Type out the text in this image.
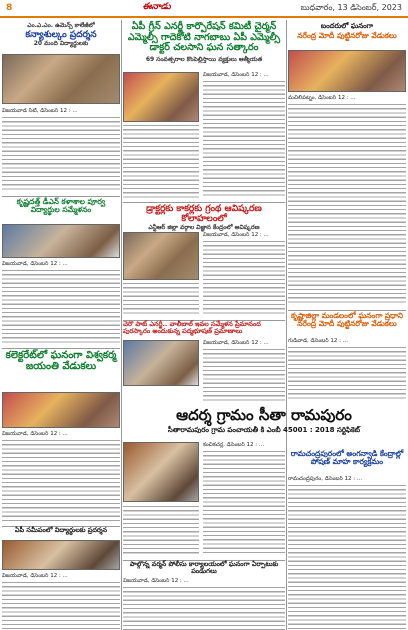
8	ఈనాడు	బుధవారం, 13 డిసెంబర్, 2023
ఎం.ఎ.ఎం. ఉమెన్స్ కాలేజీలో
కన్యాశుల్కం ప్రదర్శన
20 మంది విద్యార్థులకు
విజయవాడ సిటీ, డిసెంబర్ 12 : ...
కృష్ణదత్త్ డీఎన్ కళాశాల పూర్వ విద్యార్థుల సమ్మేళనం
విజయవాడ, డిసెంబర్ 12 : ...
కలెక్టరేట్‌లో ఘనంగా విశ్వకర్మ జయంతి వేడుకలు
విజయవాడ, డిసెంబర్ 12 : ...
ఏపీ సమీపంలో విద్యార్థులకు ప్రదర్శన
విజయవాడ, డిసెంబర్ 12 : ...
ఏపీ గ్రీన్ ఎనర్జీ కార్పొరేషన్ కమిటీ చైర్మన్ ఎమ్మెల్సీ గాదెకోటి నాగబాబు ఏపీ ఎమ్మెల్సీ డాక్టర్ చలసాని ఘన సత్కారం
69 సంవత్సరాల కొంపెల్లిస్తాయి వ్యక్తులు ఆత్మీయత
విజయవాడ, డిసెంబర్ 12 : ...
డ్రాక్టర్లకు కాకర్లకు గ్రంథ ఆవిష్కరణ కోలాహలంలో
ఎన్టీఆర్ జిల్లా వర్గాల విజ్ఞాన కేంద్రంలో ఆవిష్కరణ
విజయవాడ, డిసెంబర్ 12 : ...
చెరొ పాట్ ఎనర్జీ.. వాలీబాల్ ఇవల సమ్మేళన ప్రేమానంద పురస్కారం అందుకున్న పద్మభూషణ్ ప్రమాణాలు
విజయవాడ, డిసెంబర్ 12 : ...
కంచికచర్ల, డిసెంబర్ 12 : ...
పాల్గొన్న వర్మన్ పోలీసు కార్యాలయంలో ఘనంగా ఏర్పాటుకు పండుగలు
విజయవాడ, డిసెంబర్ 12 : ...
ఆదర్శ గ్రామం సీతా రామపురం
సీతారామపురం గ్రామ పంచాయతీ కి ఎంబీ 45001 : 2018 సర్టిఫికెట్
బందరులో ఘనంగా
నరేంద్ర మోదీ పుట్టినరోజు వేడుకలు
మచిలీపట్నం, డిసెంబర్ 12 : ...
కృష్ణాజిల్లా మండలంలో ఘనంగా ప్రధాని నరేంద్ర మోదీ పుట్టినరోజు వేడుకలు
గుడివాడ, డిసెంబర్ 12 : ...
రామచంద్రపురంలో అంగన్వాడి కేంద్రాల్లో పోషణ్ మాహ కార్యక్రమం
రామచంద్రపురం, డిసెంబర్ 12 : ...
